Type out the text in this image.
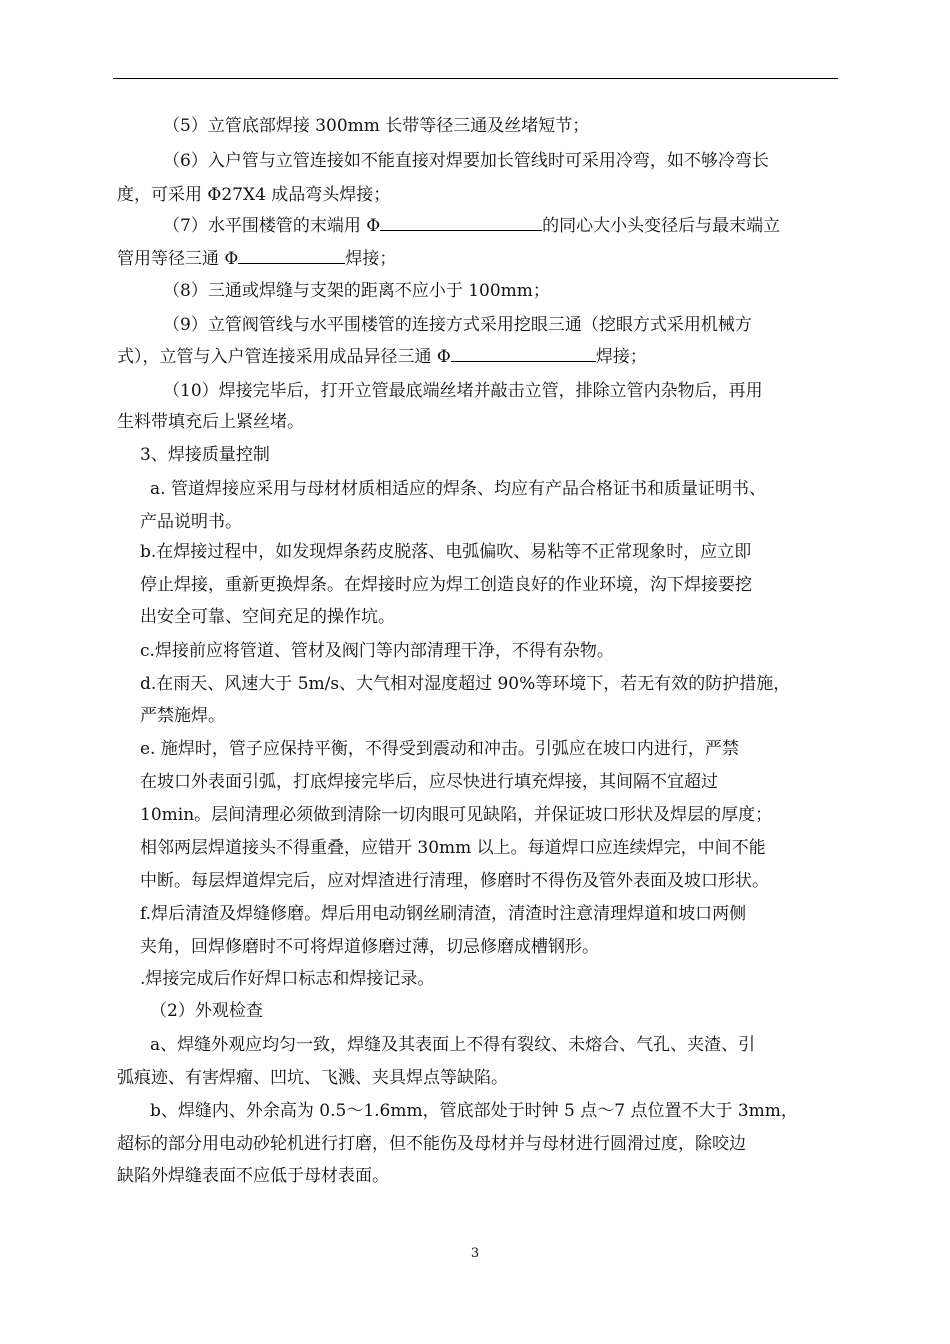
（5）立管底部焊接 300mm 长带等径三通及丝堵短节；
（6）入户管与立管连接如不能直接对焊要加长管线时可采用冷弯，如不够冷弯长
度，可采用 Φ27X4 成品弯头焊接；
（7）水平围楼管的末端用 Φ	的同心大小头变径后与最末端立
管用等径三通 Φ	焊接；
（8）三通或焊缝与支架的距离不应小于 100mm；
（9）立管阀管线与水平围楼管的连接方式采用挖眼三通（挖眼方式采用机械方
式），立管与入户管连接采用成品异径三通 Φ	焊接；
（10）焊接完毕后，打开立管最底端丝堵并敲击立管，排除立管内杂物后，再用
生料带填充后上紧丝堵。
3、焊接质量控制
a. 管道焊接应采用与母材材质相适应的焊条、均应有产品合格证书和质量证明书、
产品说明书。
b.在焊接过程中，如发现焊条药皮脱落、电弧偏吹、易粘等不正常现象时，应立即
停止焊接，重新更换焊条。在焊接时应为焊工创造良好的作业环境，沟下焊接要挖
出安全可靠、空间充足的操作坑。
c.焊接前应将管道、管材及阀门等内部清理干净，不得有杂物。
d.在雨天、风速大于 5m/s、大气相对湿度超过 90%等环境下，若无有效的防护措施，
严禁施焊。
e. 施焊时，管子应保持平衡，不得受到震动和冲击。引弧应在坡口内进行，严禁
在坡口外表面引弧，打底焊接完毕后，应尽快进行填充焊接，其间隔不宜超过
10min。层间清理必须做到清除一切肉眼可见缺陷，并保证坡口形状及焊层的厚度；
相邻两层焊道接头不得重叠，应错开 30mm 以上。每道焊口应连续焊完，中间不能
中断。每层焊道焊完后，应对焊渣进行清理，修磨时不得伤及管外表面及坡口形状。
f.焊后清渣及焊缝修磨。焊后用电动钢丝刷清渣，清渣时注意清理焊道和坡口两侧
夹角，回焊修磨时不可将焊道修磨过薄，切忌修磨成槽钢形。
.焊接完成后作好焊口标志和焊接记录。
（2）外观检查
a、焊缝外观应均匀一致，焊缝及其表面上不得有裂纹、未熔合、气孔、夹渣、引
弧痕迹、有害焊瘤、凹坑、飞溅、夹具焊点等缺陷。
b、焊缝内、外余高为 0.5～1.6mm，管底部处于时钟 5 点～7 点位置不大于 3mm，
超标的部分用电动砂轮机进行打磨，但不能伤及母材并与母材进行圆滑过度，除咬边
缺陷外焊缝表面不应低于母材表面。
3
